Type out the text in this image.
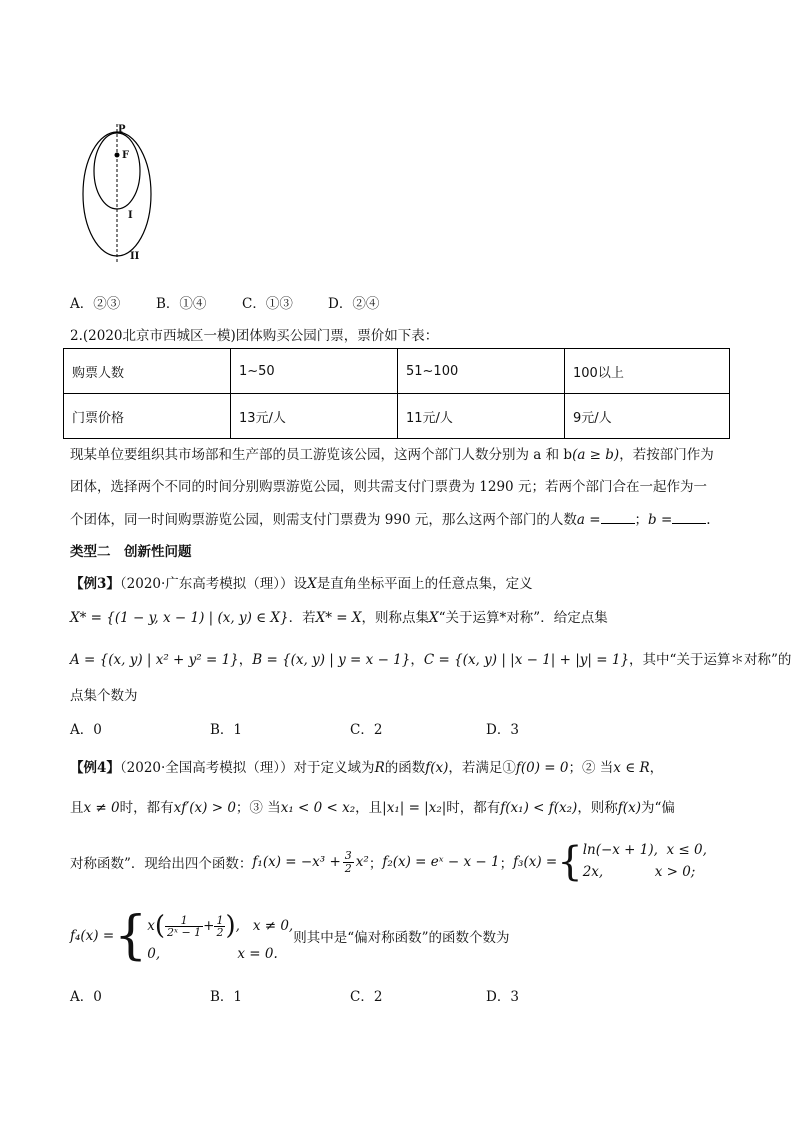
P
F
I
II
A．②③	B．①④	C．①③	D．②④
2.(2020北京市西城区一模)团体购买公园门票，票价如下表：
购票人数	1~50	51~100	100以上
门票价格	13元/人	11元/人	9元/人
现某单位要组织其市场部和生产部的员工游览该公园，这两个部门人数分别为 a 和 b(a ≥ b)，若按部门作为
团体，选择两个不同的时间分别购票游览公园，则共需支付门票费为 1290 元；若两个部门合在一起作为一
个团体，同一时间购票游览公园，则需支付门票费为 990 元，那么这两个部门的人数a =	；b =	.
类型二　创新性问题
【例3】（2020·广东高考模拟（理））设X是直角坐标平面上的任意点集，定义
X* = {(1 − y, x − 1) | (x, y) ∈ X}．若X* = X，则称点集X“关于运算*对称”．给定点集
A = {(x, y) | x² + y² = 1}，B = {(x, y) | y = x − 1}，C = {(x, y) | |x − 1| + |y| = 1}，其中“关于运算＊对称”的
点集个数为
A．0	B．1	C．2	D．3
【例4】（2020·全国高考模拟（理））对于定义域为R的函数f(x)，若满足①f(0) = 0；② 当x ∈ R，
且x ≠ 0时，都有xf′(x) > 0；③ 当x₁ < 0 < x₂，且|x₁| = |x₂|时，都有f(x₁) < f(x₂)，则称f(x)为“偏
对称函数”．现给出四个函数： $f_1(x) = -x^3 + \frac{3}{2} x^2$ ； f₂(x) = eˣ − x − 1 ； f₃(x) = { ln(−x + 1), x ≤ 0,
2x,	x > 0;
f₄(x) = { x ( $\frac{1}{\text{2ˣ − 1}} + \frac{1}{2}$ ) , x ≠ 0,
0,	x = 0.
则其中是“偏对称函数”的函数个数为
A．0	B．1	C．2	D．3
